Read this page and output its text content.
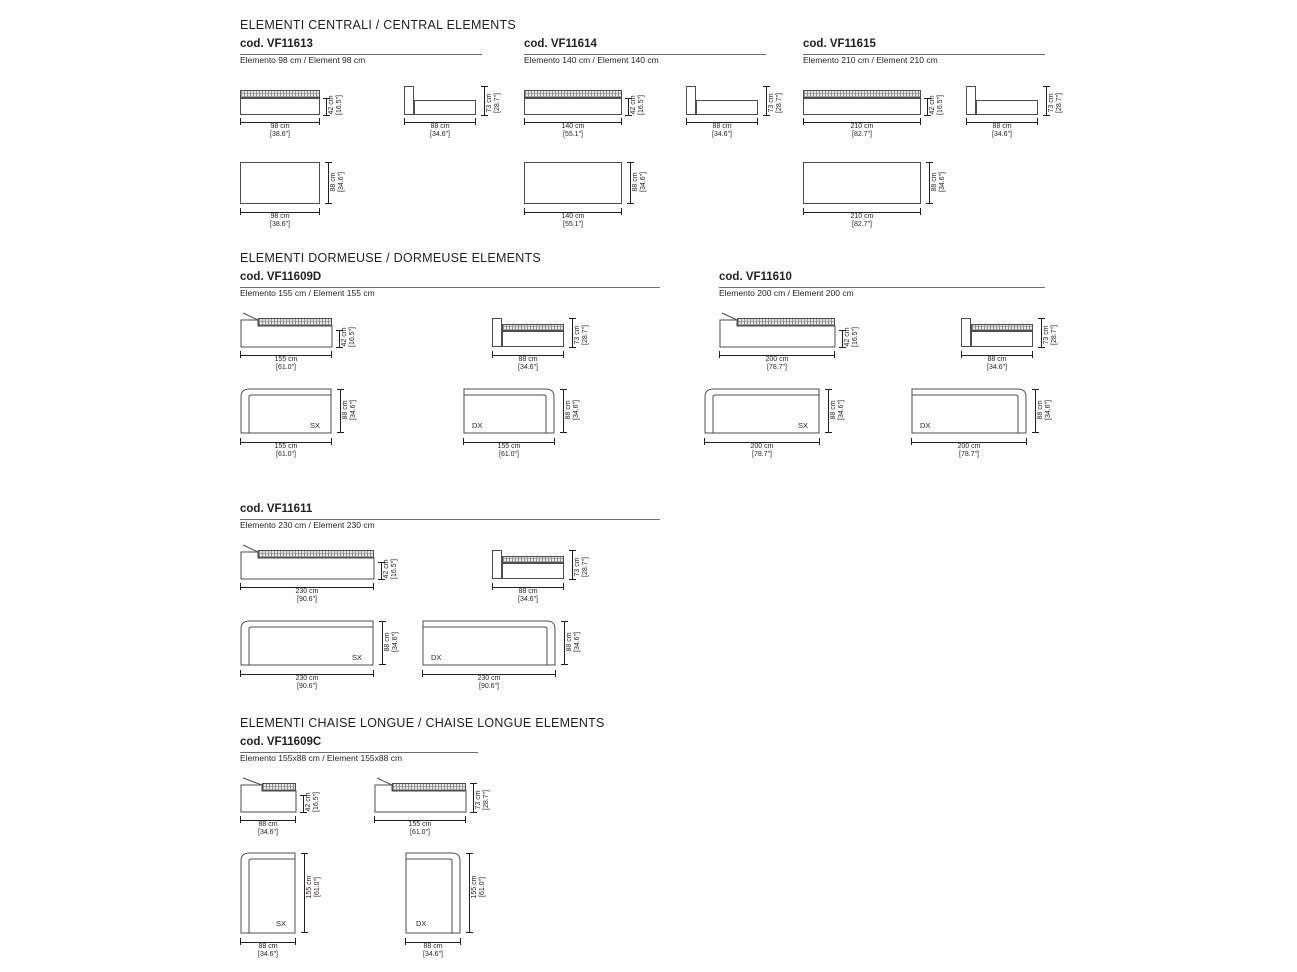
ELEMENTI CENTRALI / CENTRAL ELEMENTS
cod. VF11613
Elemento 98 cm / Element 98 cm
98 cm
[38.6"]
42 cm
[16.5"]
88 cm
[34.6"]
73 cm
[28.7"]
cod. VF11614
Elemento 140 cm / Element 140 cm
140 cm
[55.1"]
42 cm
[16.5"]
88 cm
[34.6"]
73 cm
[28.7"]
cod. VF11615
Elemento 210 cm / Element 210 cm
210 cm
[82.7"]
42 cm
[16.5"]
88 cm
[34.6"]
73 cm
[28.7"]
98 cm
[38.6"]
88 cm
[34.6"]
140 cm
[55.1"]
88 cm
[34.6"]
210 cm
[82.7"]
88 cm
[34.6"]
ELEMENTI DORMEUSE / DORMEUSE ELEMENTS
cod. VF11609D
Elemento 155 cm / Element 155 cm
cod. VF11610
Elemento 200 cm / Element 200 cm
155 cm
[61.0"]
42 cm
[16.5"]
88 cm
[34.6"]
73 cm
[28.7"]
200 cm
[78.7"]
42 cm
[16.5"]
88 cm
[34.6"]
73 cm
[28.7"]
SX
155 cm
[61.0"]
88 cm
[34.6"]
DX
155 cm
[61.0"]
88 cm
[34.6"]
SX
200 cm
[78.7"]
88 cm
[34.6"]
DX
200 cm
[78.7"]
88 cm
[34.6"]
cod. VF11611
Elemento 230 cm / Element 230 cm
230 cm
[90.6"]
42 cm
[16.5"]
88 cm
[34.6"]
73 cm
[28.7"]
SX
230 cm
[90.6"]
88 cm
[34.6"]
DX
230 cm
[90.6"]
88 cm
[34.6"]
ELEMENTI CHAISE LONGUE / CHAISE LONGUE ELEMENTS
cod. VF11609C
Elemento 155x88 cm / Element 155x88 cm
88 cm
[34.6"]
42 cm
[16.5"]
155 cm
[61.0"]
73 cm
[28.7"]
SX
88 cm
[34.6"]
155 cm
[61.0"]
DX
88 cm
[34.6"]
155 cm
[61.0"]
